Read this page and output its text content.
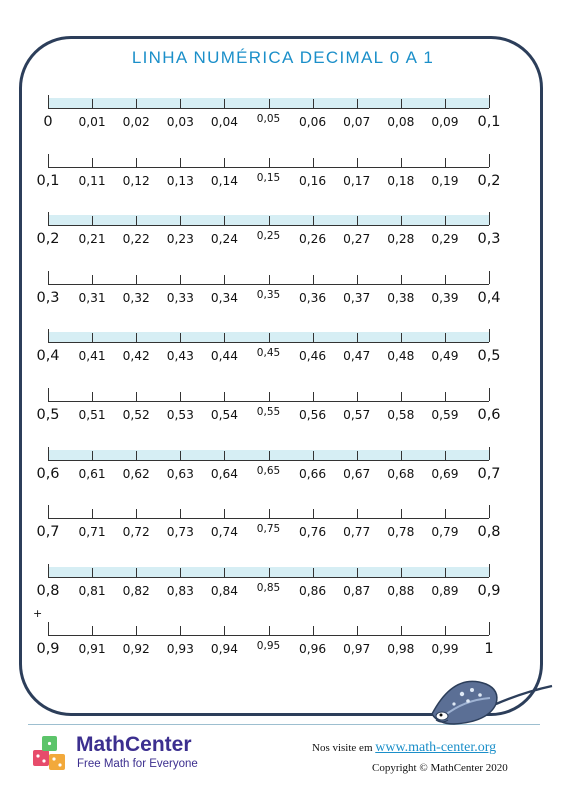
LINHA NUMÉRICA DECIMAL 0 A 1
0	0,01	0,02	0,03	0,04	0,05	0,06	0,07	0,08	0,09	0,1
0,1	0,11	0,12	0,13	0,14	0,15	0,16	0,17	0,18	0,19	0,2
0,2	0,21	0,22	0,23	0,24	0,25	0,26	0,27	0,28	0,29	0,3
0,3	0,31	0,32	0,33	0,34	0,35	0,36	0,37	0,38	0,39	0,4
0,4	0,41	0,42	0,43	0,44	0,45	0,46	0,47	0,48	0,49	0,5
0,5	0,51	0,52	0,53	0,54	0,55	0,56	0,57	0,58	0,59	0,6
0,6	0,61	0,62	0,63	0,64	0,65	0,66	0,67	0,68	0,69	0,7
0,7	0,71	0,72	0,73	0,74	0,75	0,76	0,77	0,78	0,79	0,8
0,8	0,81	0,82	0,83	0,84	0,85	0,86	0,87	0,88	0,89	0,9
0,9	0,91	0,92	0,93	0,94	0,95	0,96	0,97	0,98	0,99	1
+
MathCenter
Free Math for Everyone
Nos visite em www.math-center.org
Copyright © MathCenter 2020
